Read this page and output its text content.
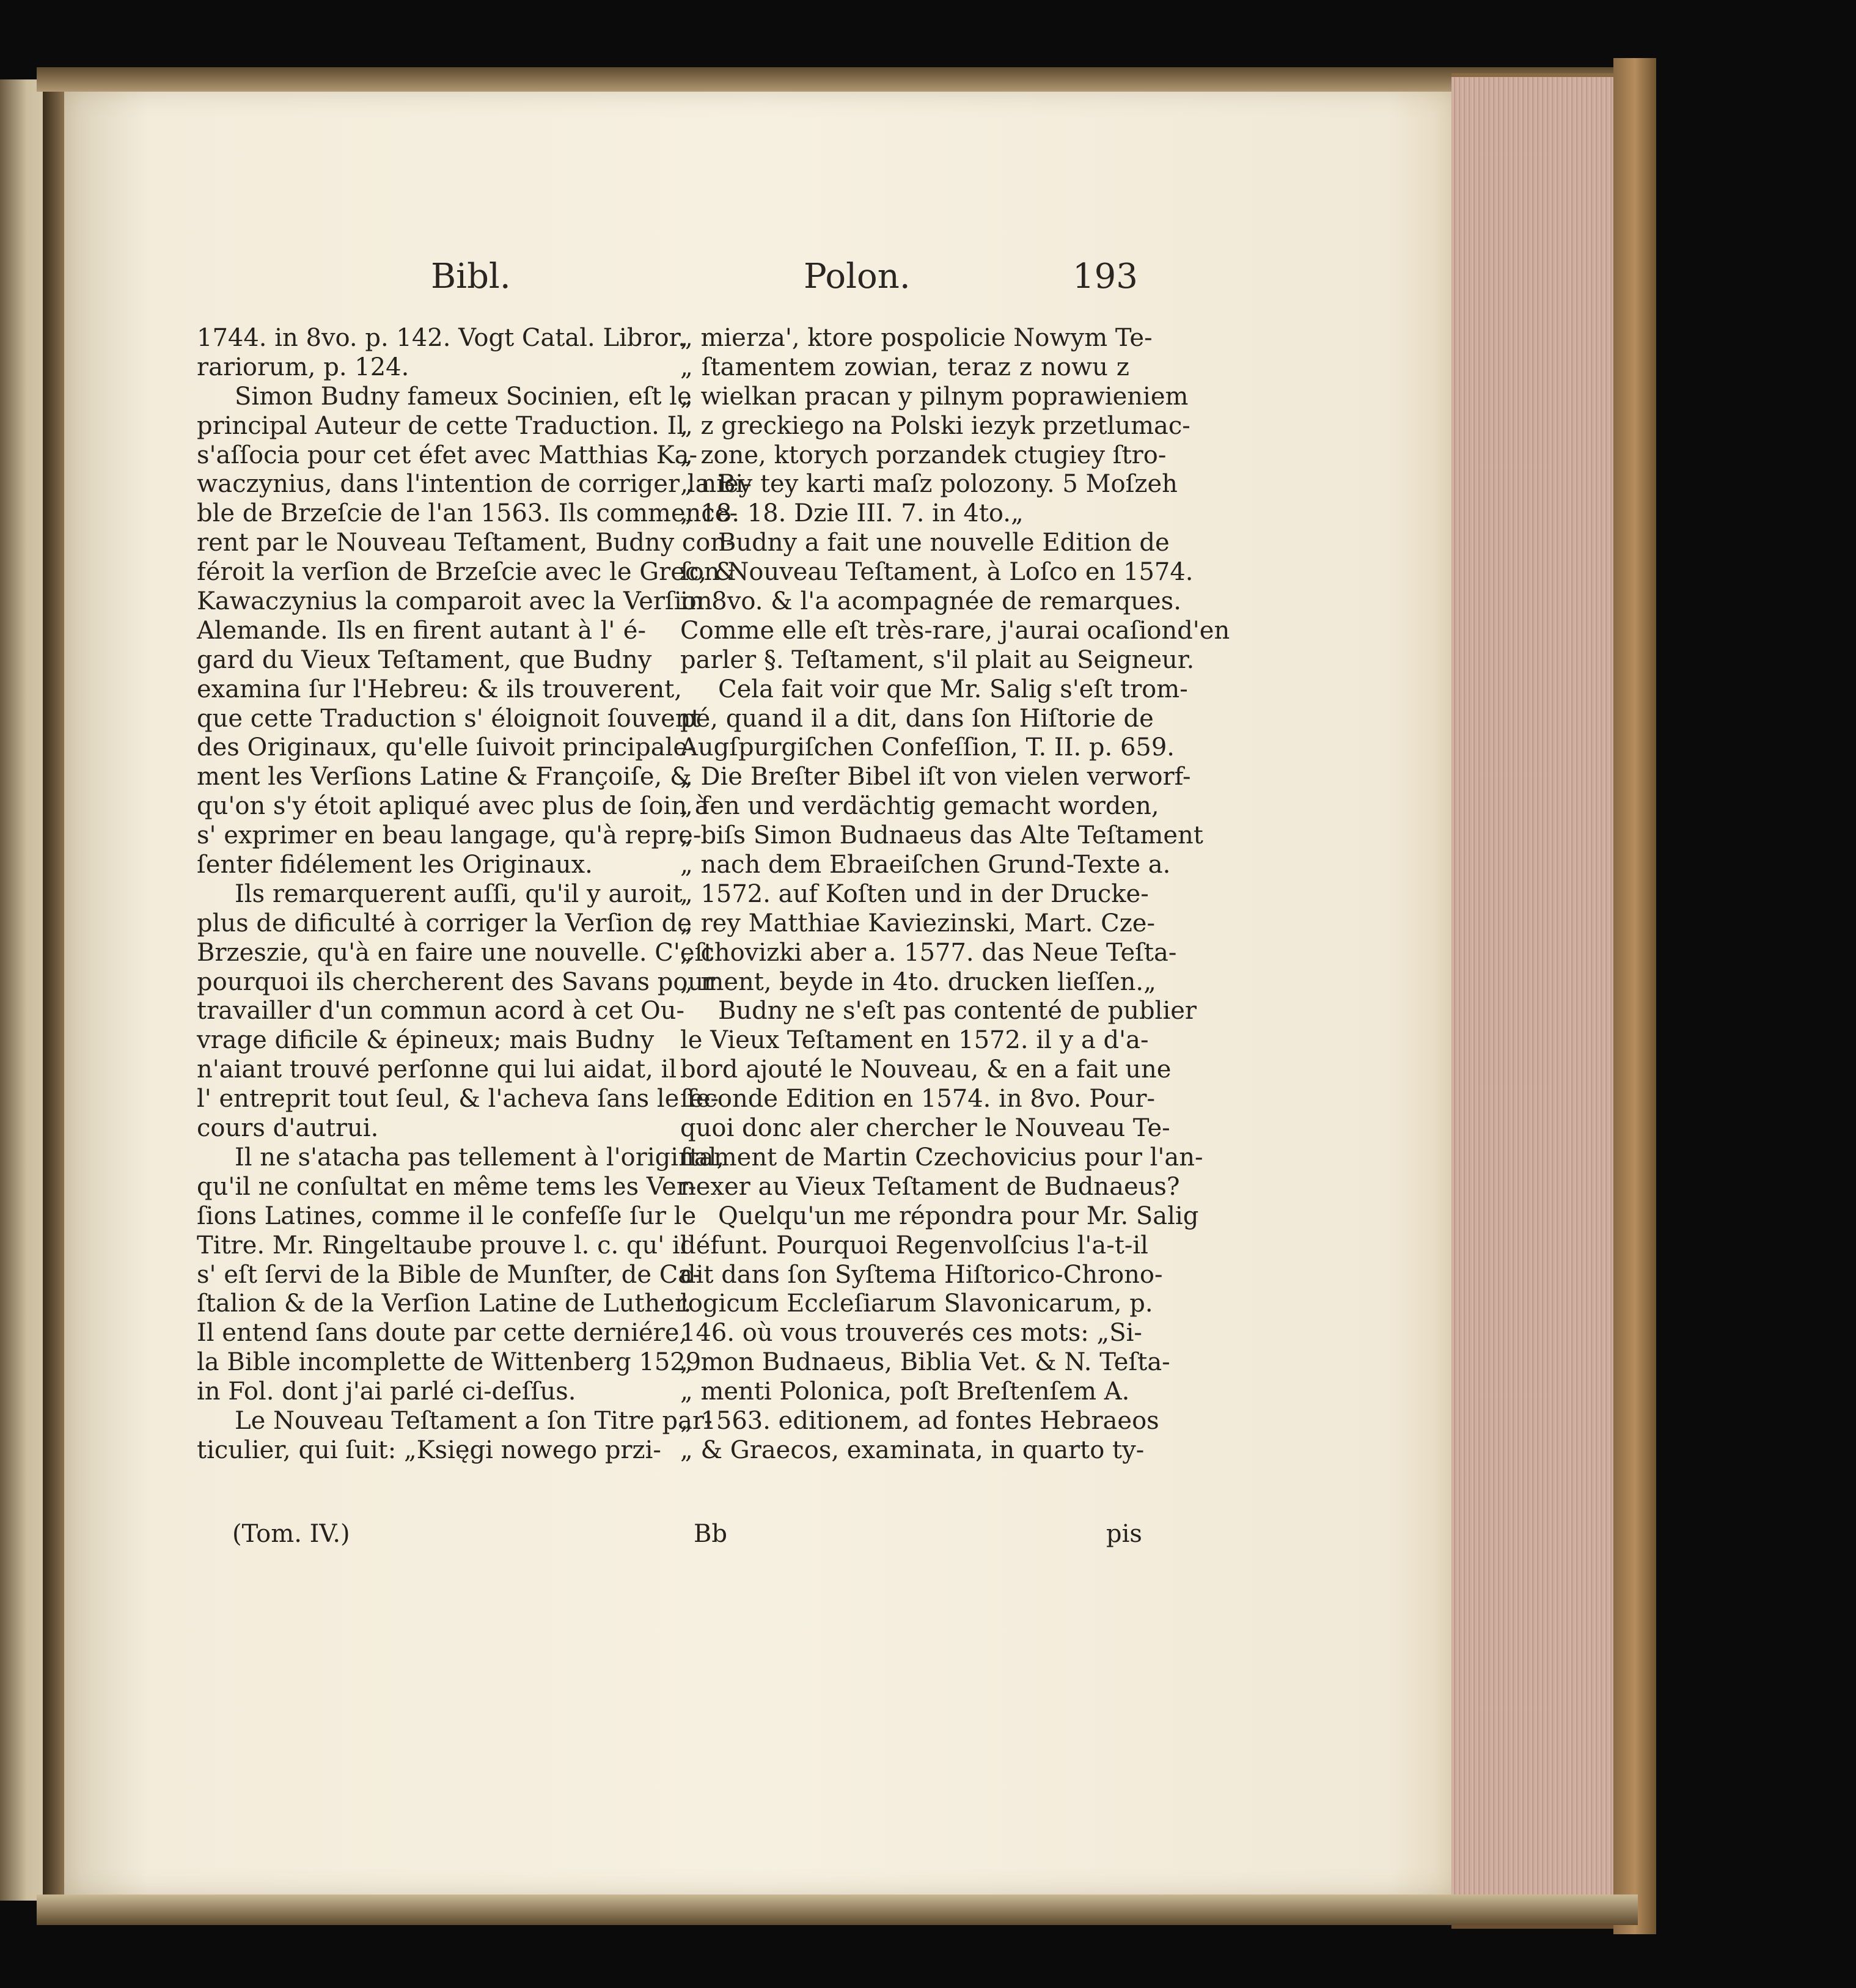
Bibl.	Polon.	193
1744. in 8vo. p. 142. Vogt Catal. Libror.
rariorum, p. 124.
Simon Budny fameux Socinien, eſt le
principal Auteur de cette Traduction. Il
s'aſſocia pour cet éfet avec Matthias Ka-
waczynius, dans l'intention de corriger la Bi-
ble de Brzeſcie de l'an 1563. Ils commence-
rent par le Nouveau Teſtament, Budny con-
féroit la verſion de Brzeſcie avec le Grec, &
Kawaczynius la comparoit avec la Verſion
Alemande. Ils en firent autant à l' é-
gard du Vieux Teſtament, que Budny
examina ſur l'Hebreu: & ils trouverent,
que cette Traduction s' éloignoit ſouvent
des Originaux, qu'elle ſuivoit principale-
ment les Verſions Latine & Françoiſe, &
qu'on s'y étoit apliqué avec plus de ſoin à
s' exprimer en beau langage, qu'à repre-
ſenter fidélement les Originaux.
Ils remarquerent auſſi, qu'il y auroit
plus de dificulté à corriger la Verſion de
Brzeszie, qu'à en faire une nouvelle. C'eſt
pourquoi ils chercherent des Savans pour
travailler d'un commun acord à cet Ou-
vrage dificile & épineux; mais Budny
n'aiant trouvé perſonne qui lui aidat, il
l' entreprit tout ſeul, & l'acheva ſans le ſe-
cours d'autrui.
Il ne s'atacha pas tellement à l'original,
qu'il ne conſultat en même tems les Ver-
ſions Latines, comme il le confeſſe ſur le
Titre. Mr. Ringeltaube prouve l. c. qu' il
s' eſt ſervi de la Bible de Munſter, de Ca-
ſtalion & de la Verſion Latine de Luther.
Il entend ſans doute par cette derniére,
la Bible incomplette de Wittenberg 1529.
in Fol. dont j'ai parlé ci-deſſus.
Le Nouveau Teſtament a ſon Titre par-
ticulier, qui ſuit: „Księgi nowego przi-
„ mierza', ktore pospolicie Nowym Te-
„ ſtamentem zowian, teraz z nowu z
„ wielkan pracan y pilnym poprawieniem
„ z greckiego na Polski iezyk przetlumac-
„ zone, ktorych porzandek ctugiey ſtro-
„ niey tey karti maſz polozony. 5 Moſzeh
„ 18. 18. Dzie III. 7. in 4to.„
Budny a fait une nouvelle Edition de
ſon Nouveau Teſtament, à Loſco en 1574.
in 8vo. & l'a acompagnée de remarques.
Comme elle eſt très-rare, j'aurai ocaſiond'en
parler §. Teſtament, s'il plait au Seigneur.
Cela fait voir que Mr. Salig s'eſt trom-
pé, quand il a dit, dans ſon Hiſtorie de
Augſpurgiſchen Confeſſion, T. II. p. 659.
„ Die Breſter Bibel iſt von vielen verworf-
„ fen und verdächtig gemacht worden,
„ biſs Simon Budnaeus das Alte Teſtament
„ nach dem Ebraeiſchen Grund-Texte a.
„ 1572. auf Koſten und in der Drucke-
„ rey Matthiae Kaviezinski, Mart. Cze-
„ chovizki aber a. 1577. das Neue Teſta-
„ ment, beyde in 4to. drucken lieſſen.„
Budny ne s'eſt pas contenté de publier
le Vieux Teſtament en 1572. il y a d'a-
bord ajouté le Nouveau, & en a fait une
ſeconde Edition en 1574. in 8vo. Pour-
quoi donc aler chercher le Nouveau Te-
ſtament de Martin Czechovicius pour l'an-
nexer au Vieux Teſtament de Budnaeus?
Quelqu'un me répondra pour Mr. Salig
défunt. Pourquoi Regenvolſcius l'a-t-il
dit dans ſon Syſtema Hiſtorico-Chrono-
logicum Eccleſiarum Slavonicarum, p.
146. où vous trouverés ces mots: „Si-
„ mon Budnaeus, Biblia Vet. & N. Teſta-
„ menti Polonica, poſt Breſtenſem A.
„ 1563. editionem, ad fontes Hebraeos
„ & Graecos, examinata, in quarto ty-
(Tom. IV.)	Bb	pis
